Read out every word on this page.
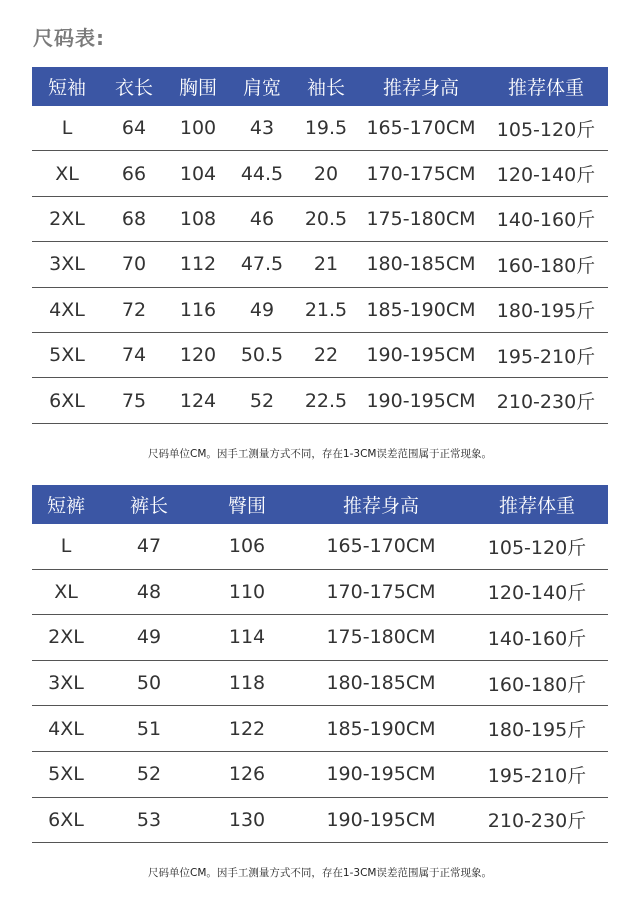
尺码表:
短袖	衣长	胸围	肩宽	袖长	推荐身高	推荐体重
L	64	100	43	19.5	165-170CM	105-120斤
XL	66	104	44.5	20	170-175CM	120-140斤
2XL	68	108	46	20.5	175-180CM	140-160斤
3XL	70	112	47.5	21	180-185CM	160-180斤
4XL	72	116	49	21.5	185-190CM	180-195斤
5XL	74	120	50.5	22	190-195CM	195-210斤
6XL	75	124	52	22.5	190-195CM	210-230斤
尺码单位CM。因手工测量方式不同，存在1-3CM误差范围属于正常现象。
短裤	裤长	臀围	推荐身高	推荐体重
L	47	106	165-170CM	105-120斤
XL	48	110	170-175CM	120-140斤
2XL	49	114	175-180CM	140-160斤
3XL	50	118	180-185CM	160-180斤
4XL	51	122	185-190CM	180-195斤
5XL	52	126	190-195CM	195-210斤
6XL	53	130	190-195CM	210-230斤
尺码单位CM。因手工测量方式不同，存在1-3CM误差范围属于正常现象。
